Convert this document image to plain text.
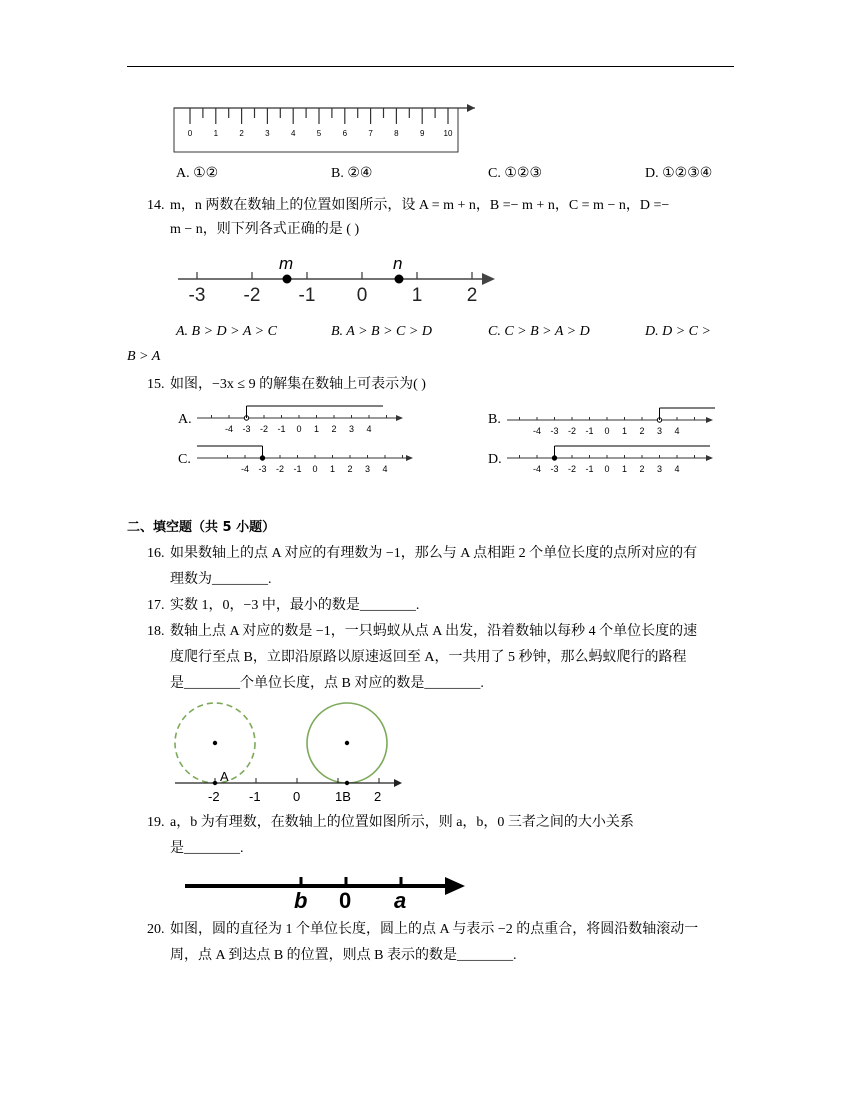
0	1	2	3	4	5	6	7	8	9 10
A. ①②	B. ②④	C. ①②③	D. ①②③④
14. m，n 两数在数轴上的位置如图所示，设 A = m + n，B =− m + n，C = m − n，D =−
m − n，则下列各式正确的是 ( )
-3 -2 -1 0 1 2
m	n
A. B > D > A > C	B. A > B > C > D	C. C > B > A > D	D. D > C >
B > A
15. 如图，−3x ≤ 9 的解集在数轴上可表示为( )
A.	B.
C.	D.
-4 -3 -2 -1 0 1 2 3 4	-4 -3 -2 -1 0 1 2 3 4
-4 -3 -2 -1 0 1 2 3 4	-4 -3 -2 -1 0 1 2 3 4
二、填空题（共 5 小题）
16. 如果数轴上的点 A 对应的有理数为 −1，那么与 A 点相距 2 个单位长度的点所对应的有
理数为________.
17. 实数 1，0，−3 中，最小的数是________.
18. 数轴上点 A 对应的数是 −1，一只蚂蚁从点 A 出发，沿着数轴以每秒 4 个单位长度的速
度爬行至点 B，立即沿原路以原速返回至 A，一共用了 5 秒钟，那么蚂蚁爬行的路程
是________个单位长度，点 B 对应的数是________.
A
-2 -1 0	1B 2
19. a，b 为有理数，在数轴上的位置如图所示，则 a，b，0 三者之间的大小关系
是________.
b 0 a
20. 如图，圆的直径为 1 个单位长度，圆上的点 A 与表示 −2 的点重合，将圆沿数轴滚动一
周，点 A 到达点 B 的位置，则点 B 表示的数是________.
